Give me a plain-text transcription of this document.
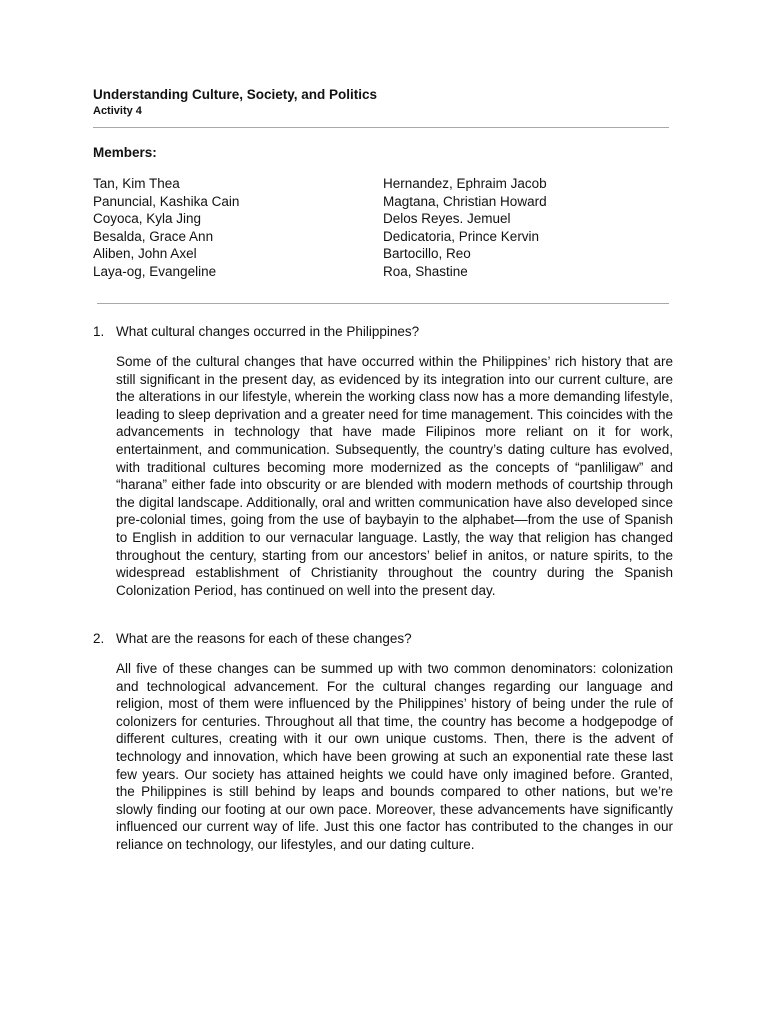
Understanding Culture, Society, and Politics
Activity 4
Members:
Tan, Kim Thea
Panuncial, Kashika Cain
Coyoca, Kyla Jing
Besalda, Grace Ann
Aliben, John Axel
Laya-og, Evangeline
Hernandez, Ephraim Jacob
Magtana, Christian Howard
Delos Reyes. Jemuel
Dedicatoria, Prince Kervin
Bartocillo, Reo
Roa, Shastine
1. What cultural changes occurred in the Philippines?

Some of the cultural changes that have occurred within the Philippines’ rich history that are still significant in the present day, as evidenced by its integration into our current culture, are the alterations in our lifestyle, wherein the working class now has a more demanding lifestyle, leading to sleep deprivation and a greater need for time management. This coincides with the advancements in technology that have made Filipinos more reliant on it for work, entertainment, and communication. Subsequently, the country’s dating culture has evolved, with traditional cultures becoming more modernized as the concepts of “panliligaw” and “harana” either fade into obscurity or are blended with modern methods of courtship through the digital landscape. Additionally, oral and written communication have also developed since pre-colonial times, going from the use of baybayin to the alphabet—from the use of Spanish to English in addition to our vernacular language. Lastly, the way that religion has changed throughout the century, starting from our ancestors’ belief in anitos, or nature spirits, to the widespread establishment of Christianity throughout the country during the Spanish Colonization Period, has continued on well into the present day.

2. What are the reasons for each of these changes?

All five of these changes can be summed up with two common denominators: colonization and technological advancement. For the cultural changes regarding our language and religion, most of them were influenced by the Philippines’ history of being under the rule of colonizers for centuries. Throughout all that time, the country has become a hodgepodge of different cultures, creating with it our own unique customs. Then, there is the advent of technology and innovation, which have been growing at such an exponential rate these last few years. Our society has attained heights we could have only imagined before. Granted, the Philippines is still behind by leaps and bounds compared to other nations, but we’re slowly finding our footing at our own pace. Moreover, these advancements have significantly influenced our current way of life. Just this one factor has contributed to the changes in our reliance on technology, our lifestyles, and our dating culture.
